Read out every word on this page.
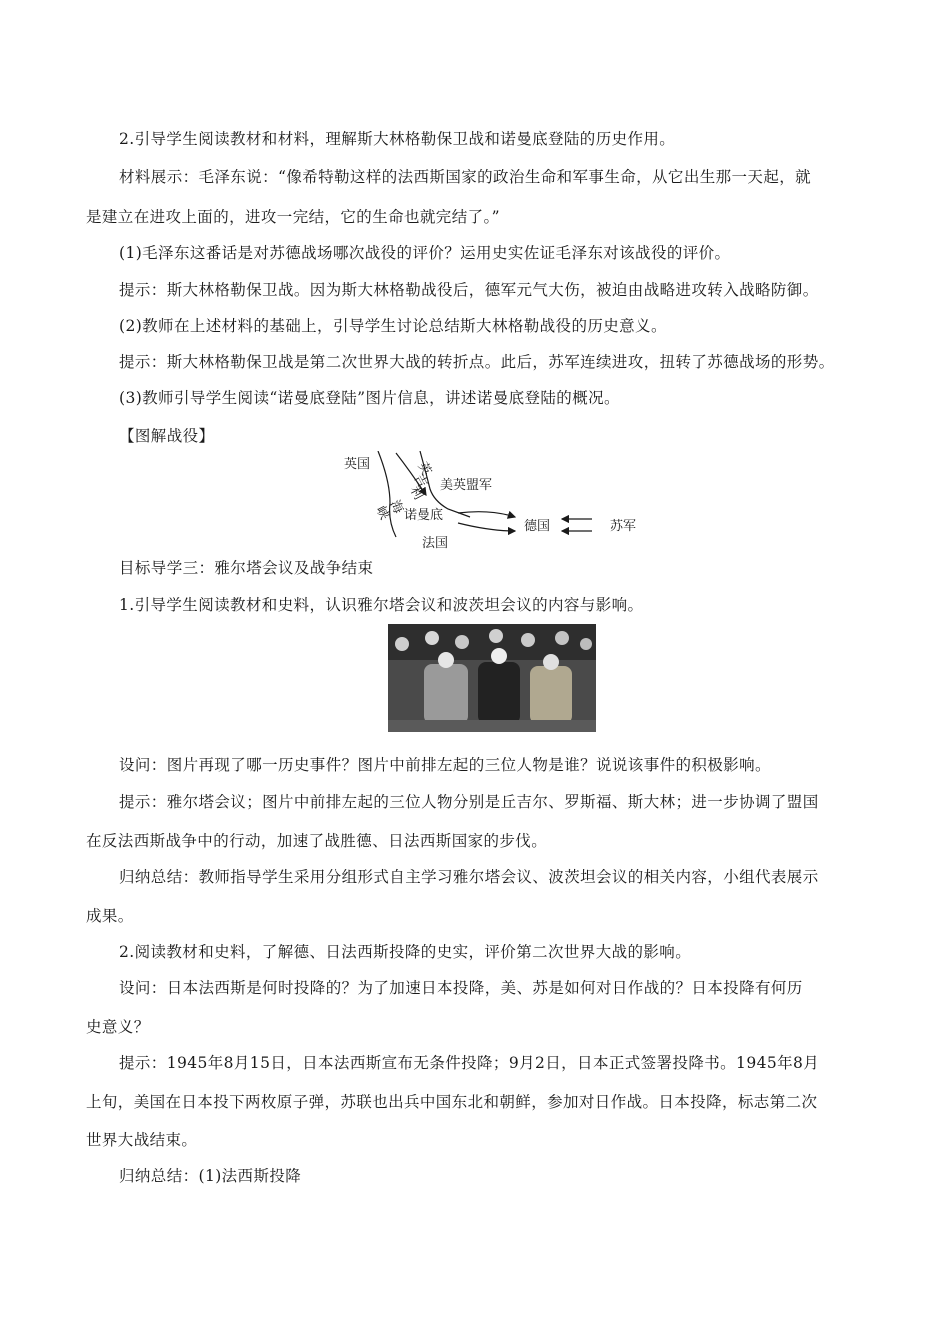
2.引导学生阅读教材和材料，理解斯大林格勒保卫战和诺曼底登陆的历史作用。
材料展示：毛泽东说：“像希特勒这样的法西斯国家的政治生命和军事生命，从它出生那一天起，就
是建立在进攻上面的，进攻一完结，它的生命也就完结了。”
(1)毛泽东这番话是对苏德战场哪次战役的评价？运用史实佐证毛泽东对该战役的评价。
提示：斯大林格勒保卫战。因为斯大林格勒战役后，德军元气大伤，被迫由战略进攻转入战略防御。
(2)教师在上述材料的基础上，引导学生讨论总结斯大林格勒战役的历史意义。
提示：斯大林格勒保卫战是第二次世界大战的转折点。此后，苏军连续进攻，扭转了苏德战场的形势。
(3)教师引导学生阅读“诺曼底登陆”图片信息，讲述诺曼底登陆的概况。
【图解战役】
英国	英
吉
利
海
峡
美英盟军
诺曼底
德国	苏军
法国
目标导学三：雅尔塔会议及战争结束
1.引导学生阅读教材和史料，认识雅尔塔会议和波茨坦会议的内容与影响。
设问：图片再现了哪一历史事件？图片中前排左起的三位人物是谁？说说该事件的积极影响。
提示：雅尔塔会议；图片中前排左起的三位人物分别是丘吉尔、罗斯福、斯大林；进一步协调了盟国
在反法西斯战争中的行动，加速了战胜德、日法西斯国家的步伐。
归纳总结：教师指导学生采用分组形式自主学习雅尔塔会议、波茨坦会议的相关内容，小组代表展示
成果。
2.阅读教材和史料，了解德、日法西斯投降的史实，评价第二次世界大战的影响。
设问：日本法西斯是何时投降的？为了加速日本投降，美、苏是如何对日作战的？日本投降有何历
史意义？
提示：1945年8月15日，日本法西斯宣布无条件投降；9月2日，日本正式签署投降书。1945年8月
上旬，美国在日本投下两枚原子弹，苏联也出兵中国东北和朝鲜，参加对日作战。日本投降，标志第二次
世界大战结束。
归纳总结：(1)法西斯投降
